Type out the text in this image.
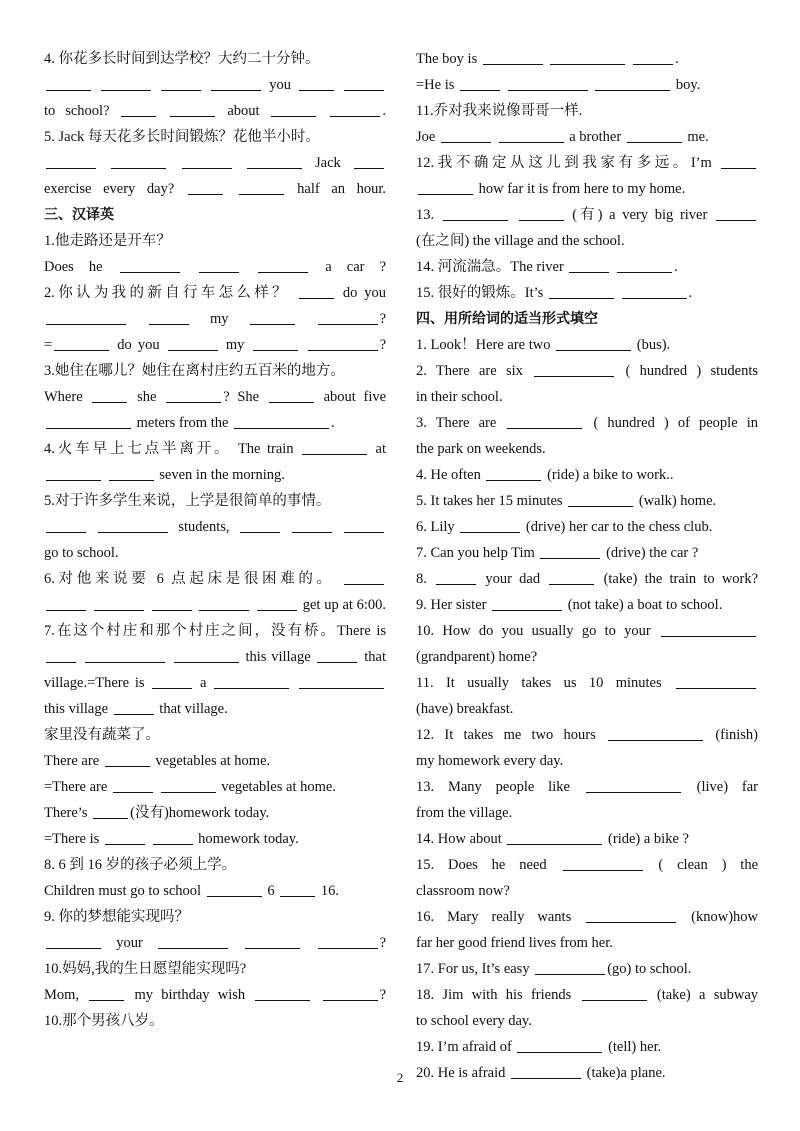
4. 你花多长时间到达学校？大约二十分钟。
you
to school?	about	.
5. Jack 每天花多长时间锻炼？花他半小时。
Jack
exercise every day?	half an hour.
三、汉译英
1.他走路还是开车？
Does he	a car ?
2.你认为我的新自行车怎么样？	do you
my	?
=	do you	my	?
3.她住在哪儿？她住在离村庄约五百米的地方。
Where	she	? She	about five
meters from the	.
4.火车早上七点半离开。 The train	at
seven in the morning.
5.对于许多学生来说，上学是很简单的事情。
students,
go to school.
6.对他来说要 6 点起床是很困难的。
get up at 6:00.
7.在这个村庄和那个村庄之间，没有桥。There is
this village	that
village.=There is	a
this village	that village.
家里没有蔬菜了。
There are	vegetables at home.
=There are	vegetables at home.
There’s	(没有)homework today.
=There is	homework today.
8. 6 到 16 岁的孩子必须上学。
Children must go to school	6	16.
9. 你的梦想能实现吗？
your	?
10.妈妈,我的生日愿望能实现吗?
Mom,	my birthday wish	?
10.那个男孩八岁。
The boy is	.
=He is	boy.
11.乔对我来说像哥哥一样.
Joe	a brother	me.
12.我不确定从这儿到我家有多远。I’m
how far it is from here to my home.
13.	(有) a very big river
(在之间) the village and the school.
14. 河流湍急。The river	.
15. 很好的锻炼。It’s	.
四、用所给词的适当形式填空
1. Look！Here are two	(bus).
2. There are six	( hundred ) students
in their school.
3. There are	( hundred ) of people in
the park on weekends.
4. He often	(ride) a bike to work..
5. It takes her 15 minutes	(walk) home.
6. Lily	(drive) her car to the chess club.
7. Can you help Tim	(drive) the car ?
8.	your dad	(take) the train to work?
9. Her sister	(not take) a boat to school.
10. How do you usually go to your
(grandparent) home?
11. It usually takes us 10 minutes
(have) breakfast.
12. It takes me two hours	(finish)
my homework every day.
13. Many people like	(live) far
from the village.
14. How about	(ride) a bike ?
15. Does he need	( clean ) the
classroom now?
16. Mary really wants	(know)how
far her good friend lives from her.
17. For us, It’s easy	(go) to school.
18. Jim with his friends	(take) a subway
to school every day.
19. I’m afraid of	(tell) her.
20. He is afraid	(take)a plane.
2
